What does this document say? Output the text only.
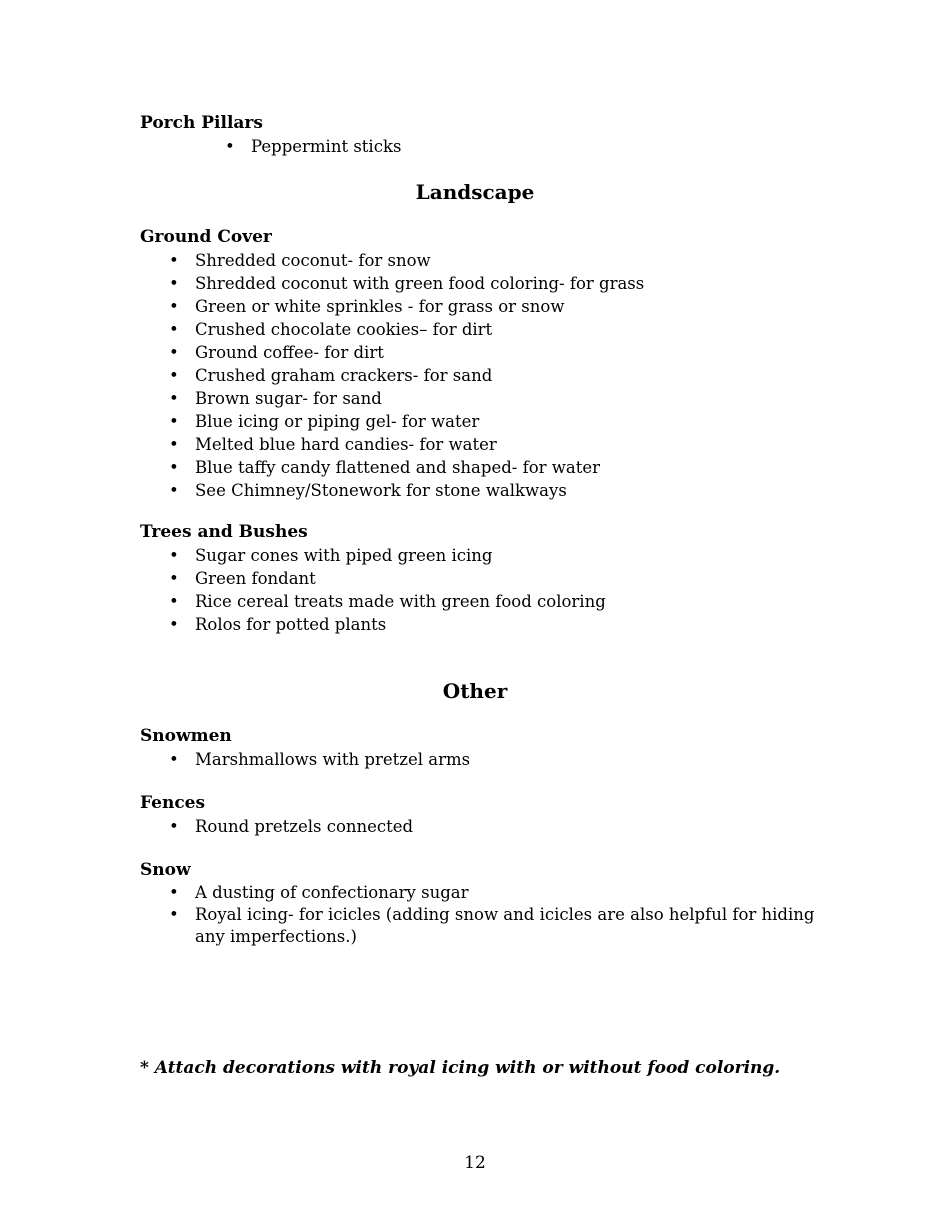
Porch Pillars
• Peppermint sticks
Landscape
Ground Cover
• Shredded coconut- for snow
• Shredded coconut with green food coloring- for grass
• Green or white sprinkles - for grass or snow
• Crushed chocolate cookies– for dirt
• Ground coffee- for dirt
• Crushed graham crackers- for sand
• Brown sugar- for sand
• Blue icing or piping gel- for water
• Melted blue hard candies- for water
• Blue taffy candy flattened and shaped- for water
• See Chimney/Stonework for stone walkways
Trees and Bushes
• Sugar cones with piped green icing
• Green fondant
• Rice cereal treats made with green food coloring
• Rolos for potted plants
Other
Snowmen
• Marshmallows with pretzel arms
Fences
• Round pretzels connected
Snow
• A dusting of confectionary sugar
• Royal icing- for icicles (adding snow and icicles are also helpful for hiding any imperfections.)
* Attach decorations with royal icing with or without food coloring.
12
